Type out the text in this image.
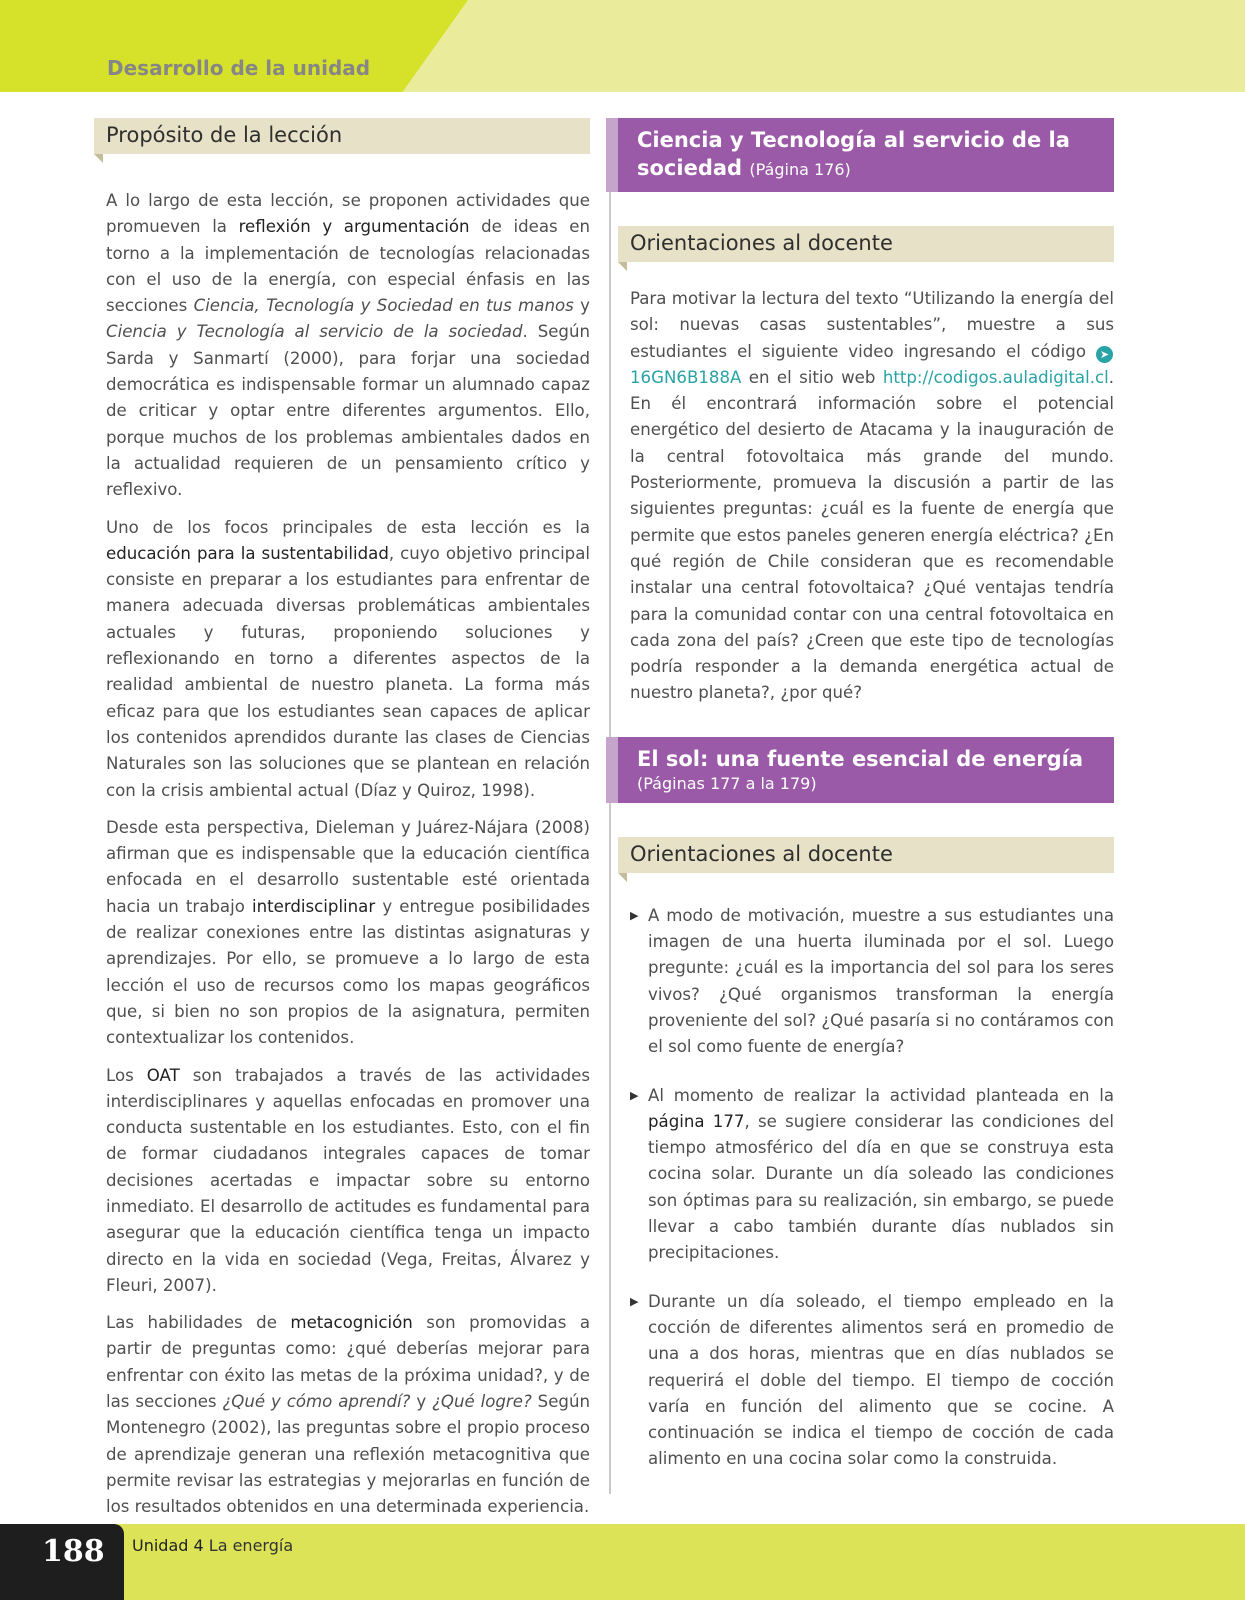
Desarrollo de la unidad
Propósito de la lección

A lo largo de esta lección, se proponen actividades que promueven la reflexión y argumentación de ideas en torno a la implementación de tecnologías relacionadas con el uso de la energía, con especial énfasis en las secciones Ciencia, Tecnología y Sociedad en tus manos y Ciencia y Tecnología al servicio de la sociedad. Según Sarda y Sanmartí (2000), para forjar una sociedad democrática es indispensable formar un alumnado capaz de criticar y optar entre diferentes argumentos. Ello, porque muchos de los problemas ambientales dados en la actualidad requieren de un pensamiento crítico y reflexivo.

Uno de los focos principales de esta lección es la educación para la sustentabilidad, cuyo objetivo principal consiste en preparar a los estudiantes para enfrentar de manera adecuada diversas problemáticas ambientales actuales y futuras, proponiendo soluciones y reflexionando en torno a diferentes aspectos de la realidad ambiental de nuestro planeta. La forma más eficaz para que los estudiantes sean capaces de aplicar los contenidos aprendidos durante las clases de Ciencias Naturales son las soluciones que se plantean en relación con la crisis ambiental actual (Díaz y Quiroz, 1998).

Desde esta perspectiva, Dieleman y Juárez-Nájara (2008) afirman que es indispensable que la educación científica enfocada en el desarrollo sustentable esté orientada hacia un trabajo interdisciplinar y entregue posibilidades de realizar conexiones entre las distintas asignaturas y aprendizajes. Por ello, se promueve a lo largo de esta lección el uso de recursos como los mapas geográficos que, si bien no son propios de la asignatura, permiten contextualizar los contenidos.

Los OAT son trabajados a través de las actividades interdisciplinares y aquellas enfocadas en promover una conducta sustentable en los estudiantes. Esto, con el fin de formar ciudadanos integrales capaces de tomar decisiones acertadas e impactar sobre su entorno inmediato. El desarrollo de actitudes es fundamental para asegurar que la educación científica tenga un impacto directo en la vida en sociedad (Vega, Freitas, Álvarez y Fleuri, 2007).

Las habilidades de metacognición son promovidas a partir de preguntas como: ¿qué deberías mejorar para enfrentar con éxito las metas de la próxima unidad?, y de las secciones ¿Qué y cómo aprendí? y ¿Qué logre? Según Montenegro (2002), las preguntas sobre el propio proceso de aprendizaje generan una reflexión metacognitiva que permite revisar las estrategias y mejorarlas en función de los resultados obtenidos en una determinada experiencia.

Ciencia y Tecnología al servicio de la sociedad (Página 176)
Orientaciones al docente

Para motivar la lectura del texto “Utilizando la energía del sol: nuevas casas sustentables”, muestre a sus estudiantes el siguiente video ingresando el código ➤16GN6B188A en el sitio web http://codigos.auladigital.cl. En él encontrará información sobre el potencial energético del desierto de Atacama y la inauguración de la central fotovoltaica más grande del mundo. Posteriormente, promueva la discusión a partir de las siguientes preguntas: ¿cuál es la fuente de energía que permite que estos paneles generen energía eléctrica? ¿En qué región de Chile consideran que es recomendable instalar una central fotovoltaica? ¿Qué ventajas tendría para la comunidad contar con una central fotovoltaica en cada zona del país? ¿Creen que este tipo de tecnologías podría responder a la demanda energética actual de nuestro planeta?, ¿por qué?

El sol: una fuente esencial de energía
(Páginas 177 a la 179)
Orientaciones al docente
▶ A modo de motivación, muestre a sus estudiantes una imagen de una huerta iluminada por el sol. Luego pregunte: ¿cuál es la importancia del sol para los seres vivos? ¿Qué organismos transforman la energía proveniente del sol? ¿Qué pasaría si no contáramos con el sol como fuente de energía?
▶ Al momento de realizar la actividad planteada en la página 177, se sugiere considerar las condiciones del tiempo atmosférico del día en que se construya esta cocina solar. Durante un día soleado las condiciones son óptimas para su realización, sin embargo, se puede llevar a cabo también durante días nublados sin precipitaciones.
▶ Durante un día soleado, el tiempo empleado en la cocción de diferentes alimentos será en promedio de una a dos horas, mientras que en días nublados se requerirá el doble del tiempo. El tiempo de cocción varía en función del alimento que se cocine. A continuación se indica el tiempo de cocción de cada alimento en una cocina solar como la construida.
188 Unidad 4 La energía
